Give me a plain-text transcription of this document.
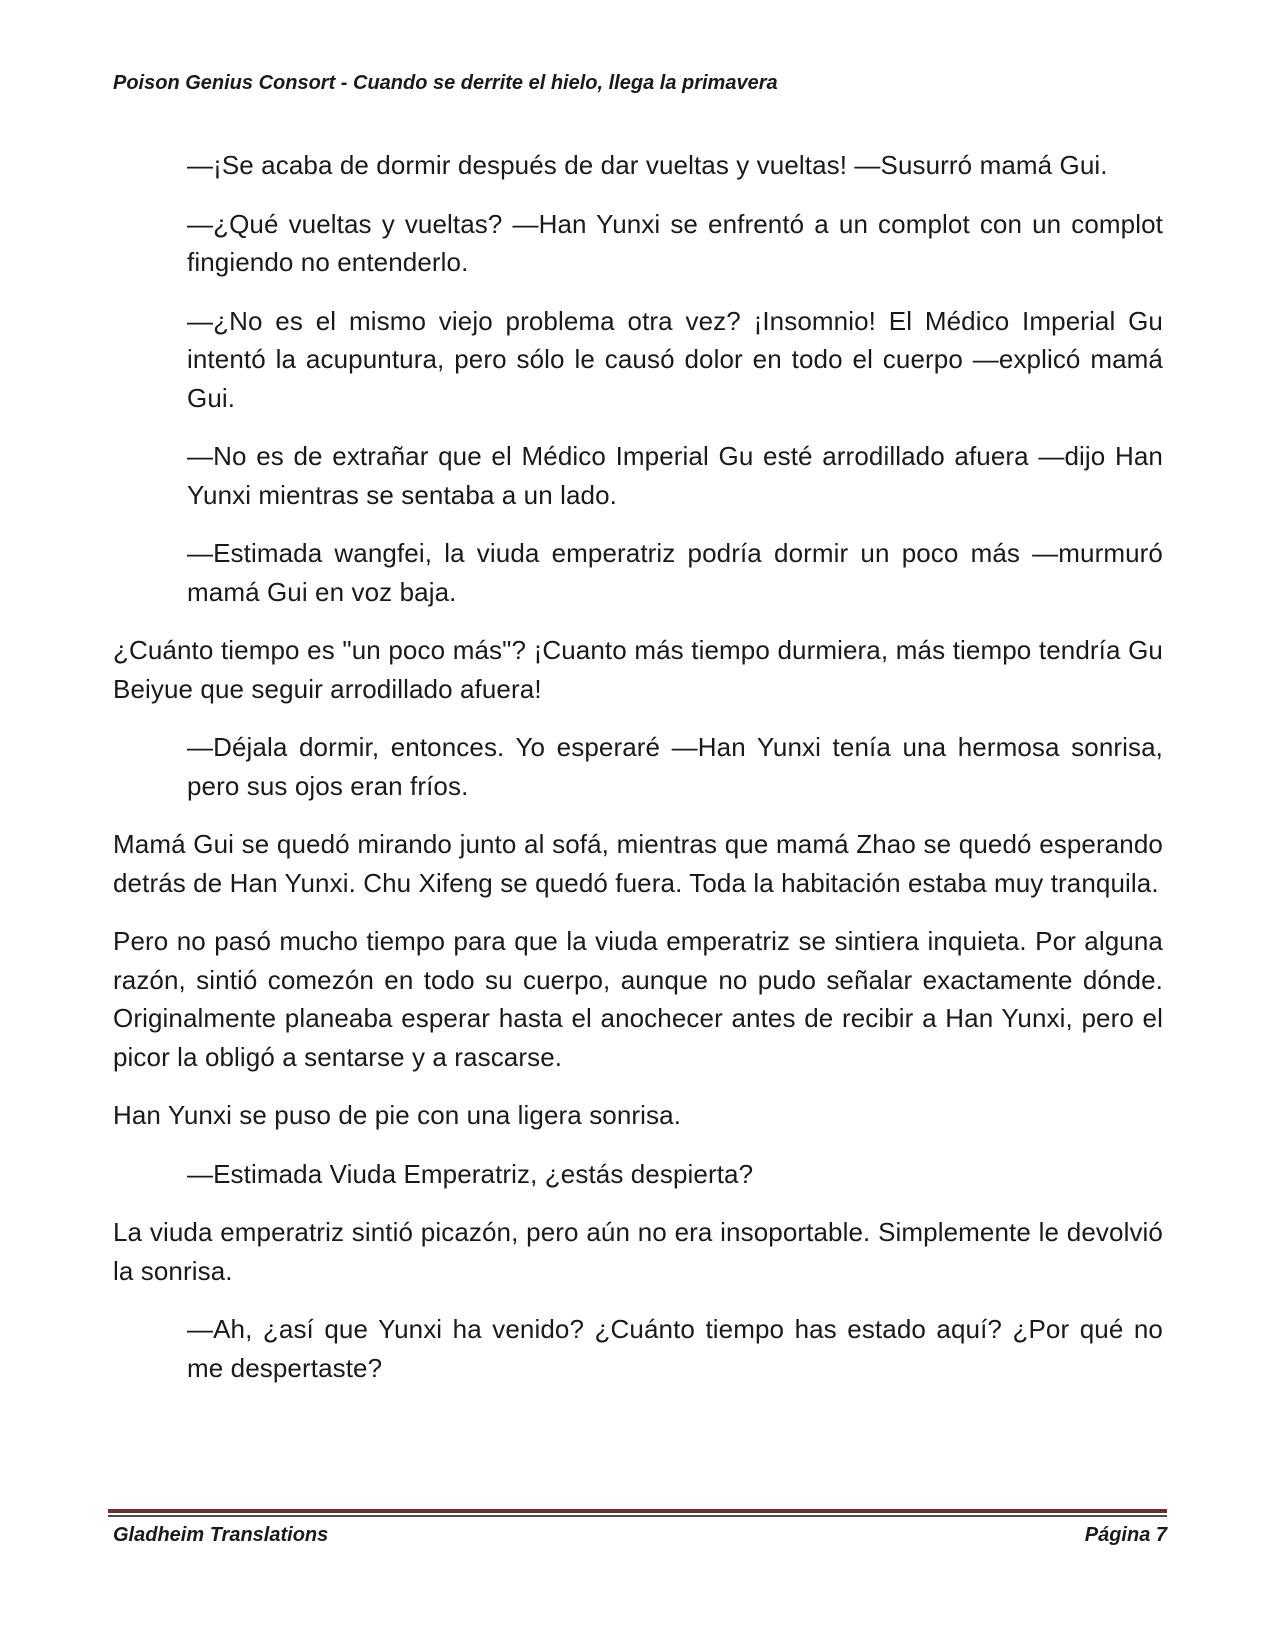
Poison Genius Consort - Cuando se derrite el hielo, llega la primavera

—¡Se acaba de dormir después de dar vueltas y vueltas! —Susurró mamá Gui.

—¿Qué vueltas y vueltas? —Han Yunxi se enfrentó a un complot con un complot fingiendo no entenderlo.

—¿No es el mismo viejo problema otra vez? ¡Insomnio! El Médico Imperial Gu intentó la acupuntura, pero sólo le causó dolor en todo el cuerpo —explicó mamá Gui.

—No es de extrañar que el Médico Imperial Gu esté arrodillado afuera —dijo Han Yunxi mientras se sentaba a un lado.

—Estimada wangfei, la viuda emperatriz podría dormir un poco más —murmuró mamá Gui en voz baja.

¿Cuánto tiempo es "un poco más"? ¡Cuanto más tiempo durmiera, más tiempo tendría Gu Beiyue que seguir arrodillado afuera!

—Déjala dormir, entonces. Yo esperaré —Han Yunxi tenía una hermosa sonrisa, pero sus ojos eran fríos.

Mamá Gui se quedó mirando junto al sofá, mientras que mamá Zhao se quedó esperando detrás de Han Yunxi. Chu Xifeng se quedó fuera. Toda la habitación estaba muy tranquila.

Pero no pasó mucho tiempo para que la viuda emperatriz se sintiera inquieta. Por alguna razón, sintió comezón en todo su cuerpo, aunque no pudo señalar exactamente dónde. Originalmente planeaba esperar hasta el anochecer antes de recibir a Han Yunxi, pero el picor la obligó a sentarse y a rascarse.

Han Yunxi se puso de pie con una ligera sonrisa.

—Estimada Viuda Emperatriz, ¿estás despierta?

La viuda emperatriz sintió picazón, pero aún no era insoportable. Simplemente le devolvió la sonrisa.

—Ah, ¿así que Yunxi ha venido? ¿Cuánto tiempo has estado aquí? ¿Por qué no me despertaste?

Gladheim Translations	Página 7
